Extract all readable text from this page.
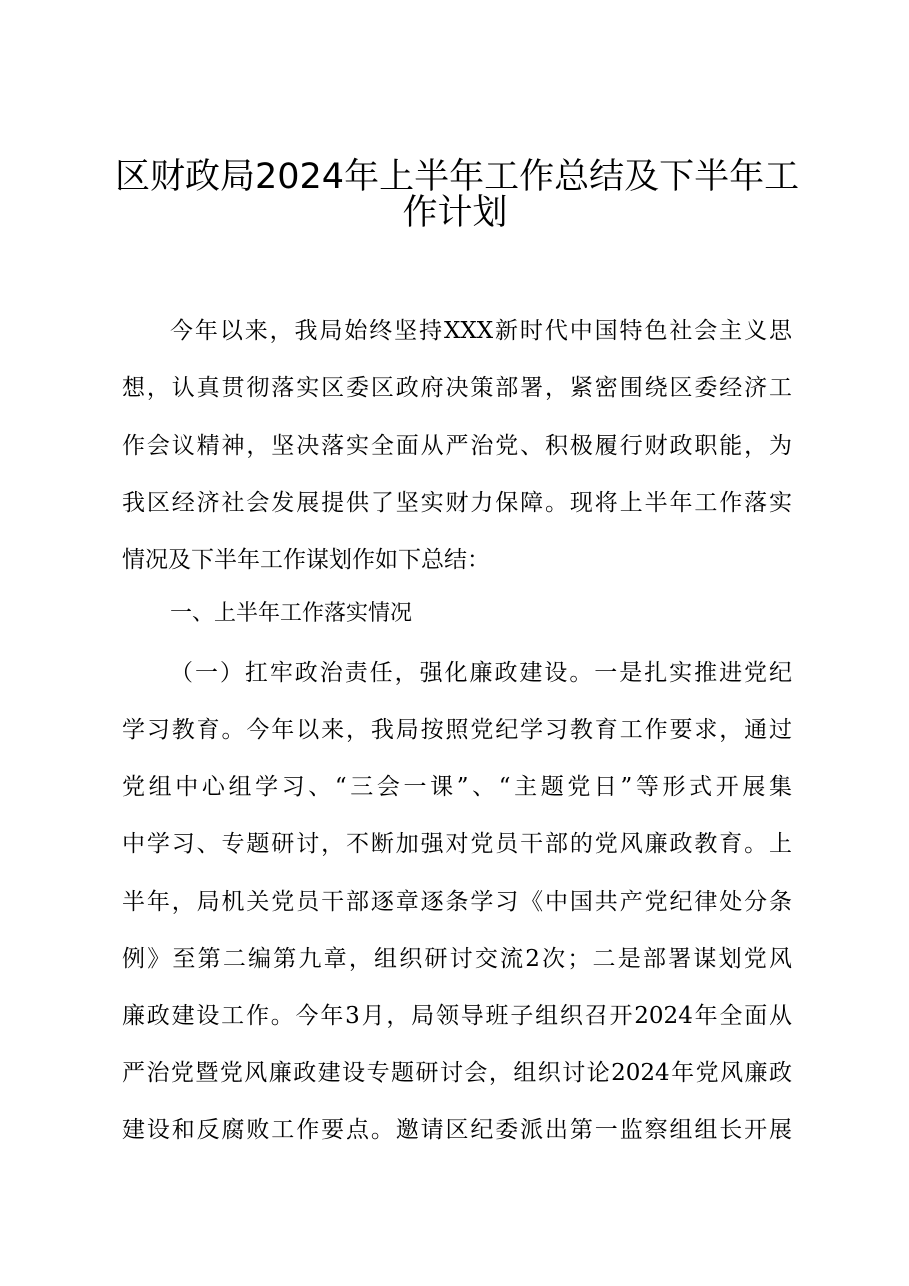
区财政局2024年上半年工作总结及下半年工
作计划
今年以来，我局始终坚持XXX新时代中国特色社会主义思
想，认真贯彻落实区委区政府决策部署，紧密围绕区委经济工
作会议精神，坚决落实全面从严治党、积极履行财政职能，为
我区经济社会发展提供了坚实财力保障。现将上半年工作落实
情况及下半年工作谋划作如下总结：
一、上半年工作落实情况
（一）扛牢政治责任，强化廉政建设。一是扎实推进党纪
学习教育。今年以来，我局按照党纪学习教育工作要求，通过
党组中心组学习、“三会一课”、“主题党日”等形式开展集
中学习、专题研讨，不断加强对党员干部的党风廉政教育。上
半年，局机关党员干部逐章逐条学习《中国共产党纪律处分条
例》至第二编第九章，组织研讨交流2次；二是部署谋划党风
廉政建设工作。今年3月，局领导班子组织召开2024年全面从
严治党暨党风廉政建设专题研讨会，组织讨论2024年党风廉政
建设和反腐败工作要点。邀请区纪委派出第一监察组组长开展
